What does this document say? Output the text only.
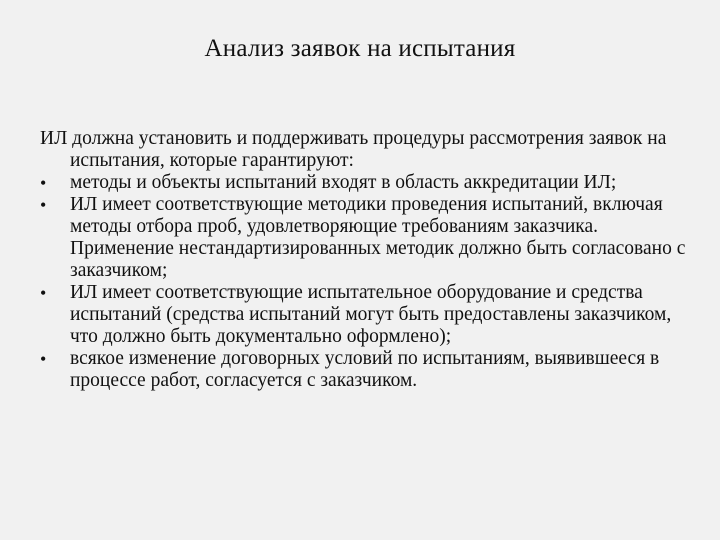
Анализ заявок на испытания

ИЛ должна установить и поддерживать процедуры рассмотрения заявок на испытания, которые гарантируют:

•	методы и объекты испытаний входят в область аккредитации ИЛ;
•	ИЛ имеет соответствующие методики проведения испытаний, включая методы отбора проб, удовлетворяющие требованиям заказчика. Применение нестандартизированных методик должно быть согласовано с заказчиком;
•	ИЛ имеет соответствующие испытательное оборудование и средства испытаний (средства испытаний могут быть предоставлены заказчиком, что должно быть документально оформлено);
•	всякое изменение договорных условий по испытаниям, выявившееся в процессе работ, согласуется с заказчиком.
